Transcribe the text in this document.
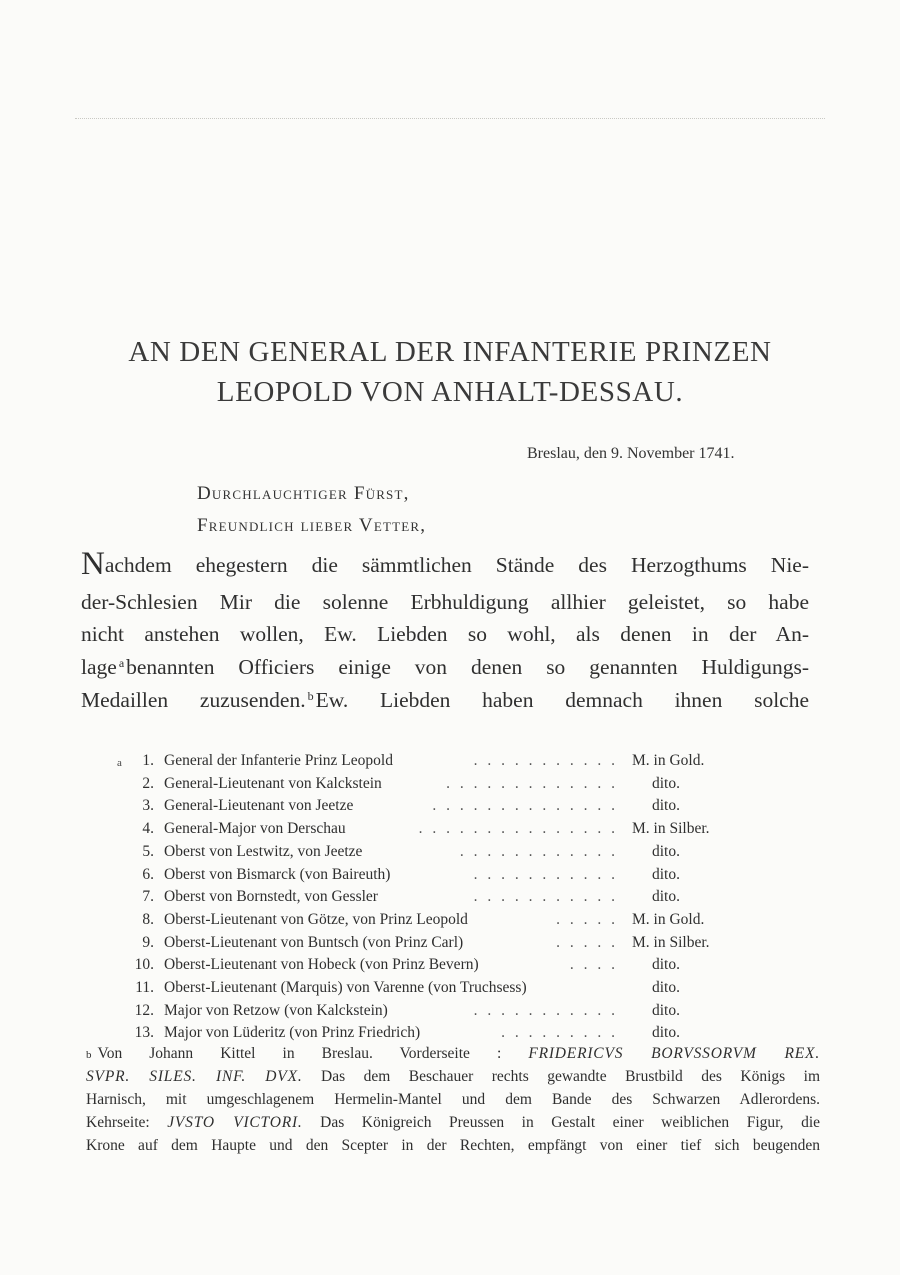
AN DEN GENERAL DER INFANTERIE PRINZEN
LEOPOLD VON ANHALT-DESSAU.
Breslau, den 9. November 1741.
Durchlauchtiger Fürst,
Freundlich lieber Vetter,
Nachdem ehegestern die sämmtlichen Stände des Herzogthums Nie-
der-Schlesien Mir die solenne Erbhuldigung allhier geleistet, so habe
nicht anstehen wollen, Ew. Liebden so wohl, als denen in der An-
lage $^a$benannten Officiers einige von denen so genannten Huldigungs-
Medaillen zuzusenden. $^b$Ew. Liebden haben demnach ihnen solche
a	1. General der Infanterie Prinz Leopold	. . . . . . . . . . . M. in Gold.
2. General-Lieutenant von Kalckstein	. . . . . . . . . . . . . dito.
3. General-Lieutenant von Jeetze	. . . . . . . . . . . . . . dito.
4. General-Major von Derschau	. . . . . . . . . . . . . . . M. in Silber.
5. Oberst von Lestwitz, von Jeetze	. . . . . . . . . . . . dito.
6. Oberst von Bismarck (von Baireuth)	. . . . . . . . . . . dito.
7. Oberst von Bornstedt, von Gessler	. . . . . . . . . . . dito.
8. Oberst-Lieutenant von Götze, von Prinz Leopold	. . . . . M. in Gold.
9. Oberst-Lieutenant von Buntsch (von Prinz Carl)	. . . . . M. in Silber.
10. Oberst-Lieutenant von Hobeck (von Prinz Bevern)	. . . . dito.
11. Oberst-Lieutenant (Marquis) von Varenne (von Truchsess)	dito.
12. Major von Retzow (von Kalckstein)	. . . . . . . . . . . dito.
13. Major von Lüderitz (von Prinz Friedrich)	. . . . . . . . . dito.
b Von Johann Kittel in Breslau. Vorderseite : FRIDERICVS BORVSSORVM REX.
SVPR. SILES. INF. DVX. Das dem Beschauer rechts gewandte Brustbild des Königs im
Harnisch, mit umgeschlagenem Hermelin-Mantel und dem Bande des Schwarzen Adlerordens.
Kehrseite: JVSTO VICTORI. Das Königreich Preussen in Gestalt einer weiblichen Figur, die
Krone auf dem Haupte und den Scepter in der Rechten, empfängt von einer tief sich beugenden
